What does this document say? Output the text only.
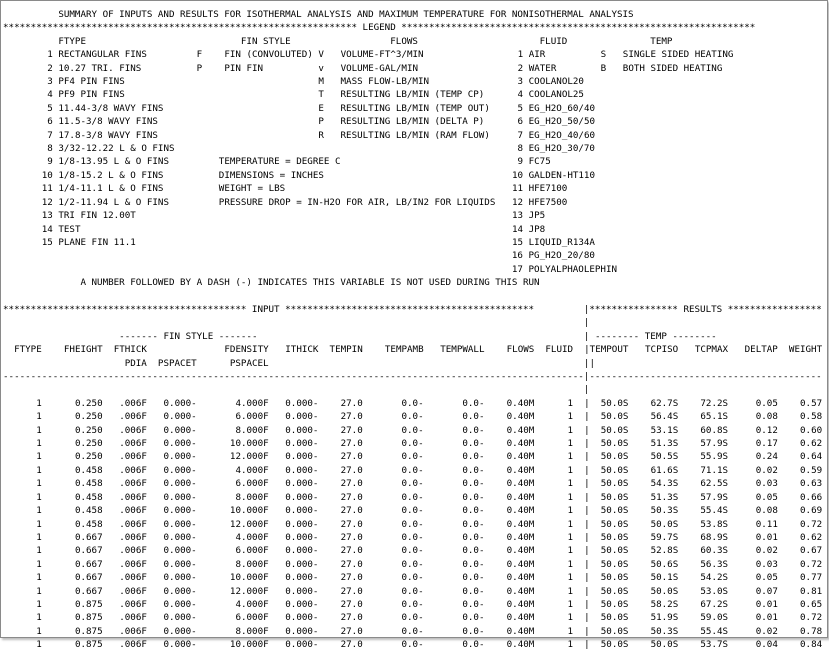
SUMMARY OF INPUTS AND RESULTS FOR ISOTHERMAL ANALYSIS AND MAXIMUM TEMPERATURE FOR NONISOTHERMAL ANALYSIS
**************************************************************** LEGEND ****************************************************************
FTYPE	FIN STYLE	FLOWS	FLUID	TEMP
1 RECTANGULAR FINS	F FIN (CONVOLUTED) V VOLUME-FT^3/MIN	1 AIR	S SINGLE SIDED HEATING
2 10.27 TRI. FINS	P PIN FIN	v VOLUME-GAL/MIN	2 WATER	B BOTH SIDED HEATING
3 PF4 PIN FINS	M MASS FLOW-LB/MIN	3 COOLANOL20
4 PF9 PIN FINS	T RESULTING LB/MIN (TEMP CP)	4 COOLANOL25
5 11.44-3/8 WAVY FINS	E RESULTING LB/MIN (TEMP OUT)	5 EG_H2O_60/40
6 11.5-3/8 WAVY FINS	P RESULTING LB/MIN (DELTA P)	6 EG_H2O_50/50
7 17.8-3/8 WAVY FINS	R RESULTING LB/MIN (RAM FLOW)	7 EG_H2O_40/60
8 3/32-12.22 L & O FINS	8 EG_H2O_30/70
9 1/8-13.95 L & O FINS	TEMPERATURE = DEGREE C	9 FC75
10 1/8-15.2 L & O FINS	DIMENSIONS = INCHES	10 GALDEN-HT110
11 1/4-11.1 L & O FINS	WEIGHT = LBS	11 HFE7100
12 1/2-11.94 L & O FINS	PRESSURE DROP = IN-H2O FOR AIR, LB/IN2 FOR LIQUIDS 12 HFE7500
13 TRI FIN 12.00T	13 JP5
14 TEST	14 JP8
15 PLANE FIN 11.1	15 LIQUID_R134A
16 PG_H2O_20/80
17 POLYALPHAOLEPHIN
A NUMBER FOLLOWED BY A DASH (-) INDICATES THIS VARIABLE IS NOT USED DURING THIS RUN

******************************************** INPUT *********************************************	|**************** RESULTS *****************
|
------- FIN STYLE -------	| -------- TEMP --------
FTYPE FHEIGHT FTHICK	FDENSITY ITHICK TEMPIN TEMPAMB TEMPWALL FLOWS FLUID |TEMPOUT TCPISO TCPMAX DELTAP WEIGHT
PDIA PSPACET	PSPACEL	||
---------------------------------------------------------------------------------------------------------|------------------------------------------
|
1	0.250 .006F 0.000-	4.000F 0.000- 27.0	0.0-	0.0- 0.40M	1 | 50.0S 62.7S 72.2S	0.05 0.57
1	0.250 .006F 0.000-	6.000F 0.000- 27.0	0.0-	0.0- 0.40M	1 | 50.0S 56.4S 65.1S	0.08 0.58
1	0.250 .006F 0.000-	8.000F 0.000- 27.0	0.0-	0.0- 0.40M	1 | 50.0S 53.1S 60.8S	0.12 0.60
1	0.250 .006F 0.000-	10.000F 0.000- 27.0	0.0-	0.0- 0.40M	1 | 50.0S 51.3S 57.9S	0.17 0.62
1	0.250 .006F 0.000-	12.000F 0.000- 27.0	0.0-	0.0- 0.40M	1 | 50.0S 50.5S 55.9S	0.24 0.64
1	0.458 .006F 0.000-	4.000F 0.000- 27.0	0.0-	0.0- 0.40M	1 | 50.0S 61.6S 71.1S	0.02 0.59
1	0.458 .006F 0.000-	6.000F 0.000- 27.0	0.0-	0.0- 0.40M	1 | 50.0S 54.3S 62.5S	0.03 0.63
1	0.458 .006F 0.000-	8.000F 0.000- 27.0	0.0-	0.0- 0.40M	1 | 50.0S 51.3S 57.9S	0.05 0.66
1	0.458 .006F 0.000-	10.000F 0.000- 27.0	0.0-	0.0- 0.40M	1 | 50.0S 50.3S 55.4S	0.08 0.69
1	0.458 .006F 0.000-	12.000F 0.000- 27.0	0.0-	0.0- 0.40M	1 | 50.0S 50.0S 53.8S	0.11 0.72
1	0.667 .006F 0.000-	4.000F 0.000- 27.0	0.0-	0.0- 0.40M	1 | 50.0S 59.7S 68.9S	0.01 0.62
1	0.667 .006F 0.000-	6.000F 0.000- 27.0	0.0-	0.0- 0.40M	1 | 50.0S 52.8S 60.3S	0.02 0.67
1	0.667 .006F 0.000-	8.000F 0.000- 27.0	0.0-	0.0- 0.40M	1 | 50.0S 50.6S 56.3S	0.03 0.72
1	0.667 .006F 0.000-	10.000F 0.000- 27.0	0.0-	0.0- 0.40M	1 | 50.0S 50.1S 54.2S	0.05 0.77
1	0.667 .006F 0.000-	12.000F 0.000- 27.0	0.0-	0.0- 0.40M	1 | 50.0S 50.0S 53.0S	0.07 0.81
1	0.875 .006F 0.000-	4.000F 0.000- 27.0	0.0-	0.0- 0.40M	1 | 50.0S 58.2S 67.2S	0.01 0.65
1	0.875 .006F 0.000-	6.000F 0.000- 27.0	0.0-	0.0- 0.40M	1 | 50.0S 51.9S 59.0S	0.01 0.72
1	0.875 .006F 0.000-	8.000F 0.000- 27.0	0.0-	0.0- 0.40M	1 | 50.0S 50.3S 55.4S	0.02 0.78
1	0.875 .006F 0.000-	10.000F 0.000- 27.0	0.0-	0.0- 0.40M	1 | 50.0S 50.0S 53.7S	0.04 0.84
